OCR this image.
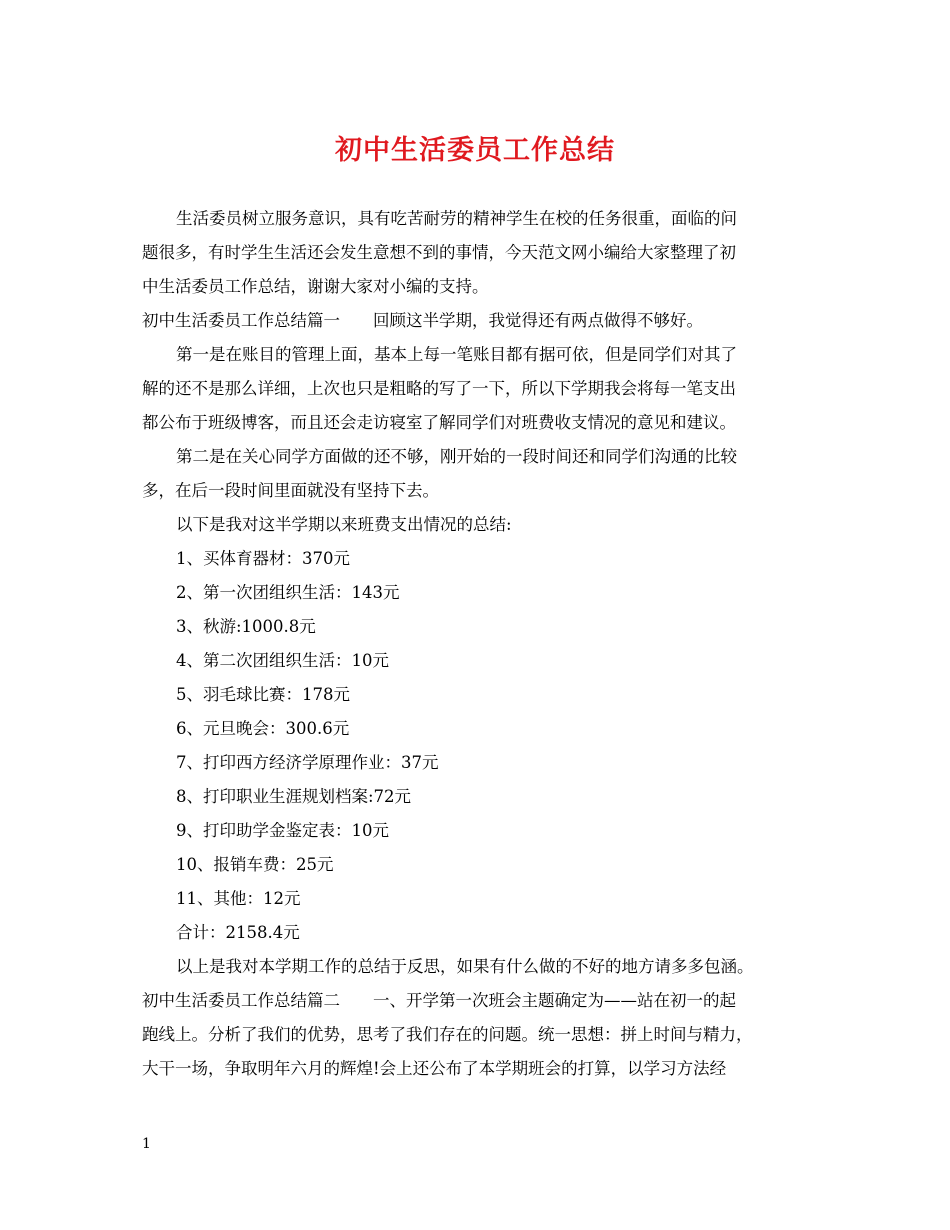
初中生活委员工作总结
生活委员树立服务意识，具有吃苦耐劳的精神学生在校的任务很重，面临的问
题很多，有时学生生活还会发生意想不到的事情，今天范文网小编给大家整理了初
中生活委员工作总结，谢谢大家对小编的支持。
初中生活委员工作总结篇一　　回顾这半学期，我觉得还有两点做得不够好。
第一是在账目的管理上面，基本上每一笔账目都有据可依，但是同学们对其了
解的还不是那么详细，上次也只是粗略的写了一下，所以下学期我会将每一笔支出
都公布于班级博客，而且还会走访寝室了解同学们对班费收支情况的意见和建议。
第二是在关心同学方面做的还不够，刚开始的一段时间还和同学们沟通的比较
多，在后一段时间里面就没有坚持下去。
以下是我对这半学期以来班费支出情况的总结:
1、买体育器材：370元
2、第一次团组织生活：143元
3、秋游:1000.8元
4、第二次团组织生活：10元
5、羽毛球比赛：178元
6、元旦晚会：300.6元
7、打印西方经济学原理作业：37元
8、打印职业生涯规划档案:72元
9、打印助学金鉴定表：10元
10、报销车费：25元
11、其他：12元
合计：2158.4元
以上是我对本学期工作的总结于反思，如果有什么做的不好的地方请多多包涵。
初中生活委员工作总结篇二　　一、开学第一次班会主题确定为——站在初一的起
跑线上。分析了我们的优势，思考了我们存在的问题。统一思想：拼上时间与精力，
大干一场，争取明年六月的辉煌!会上还公布了本学期班会的打算，以学习方法经
1
